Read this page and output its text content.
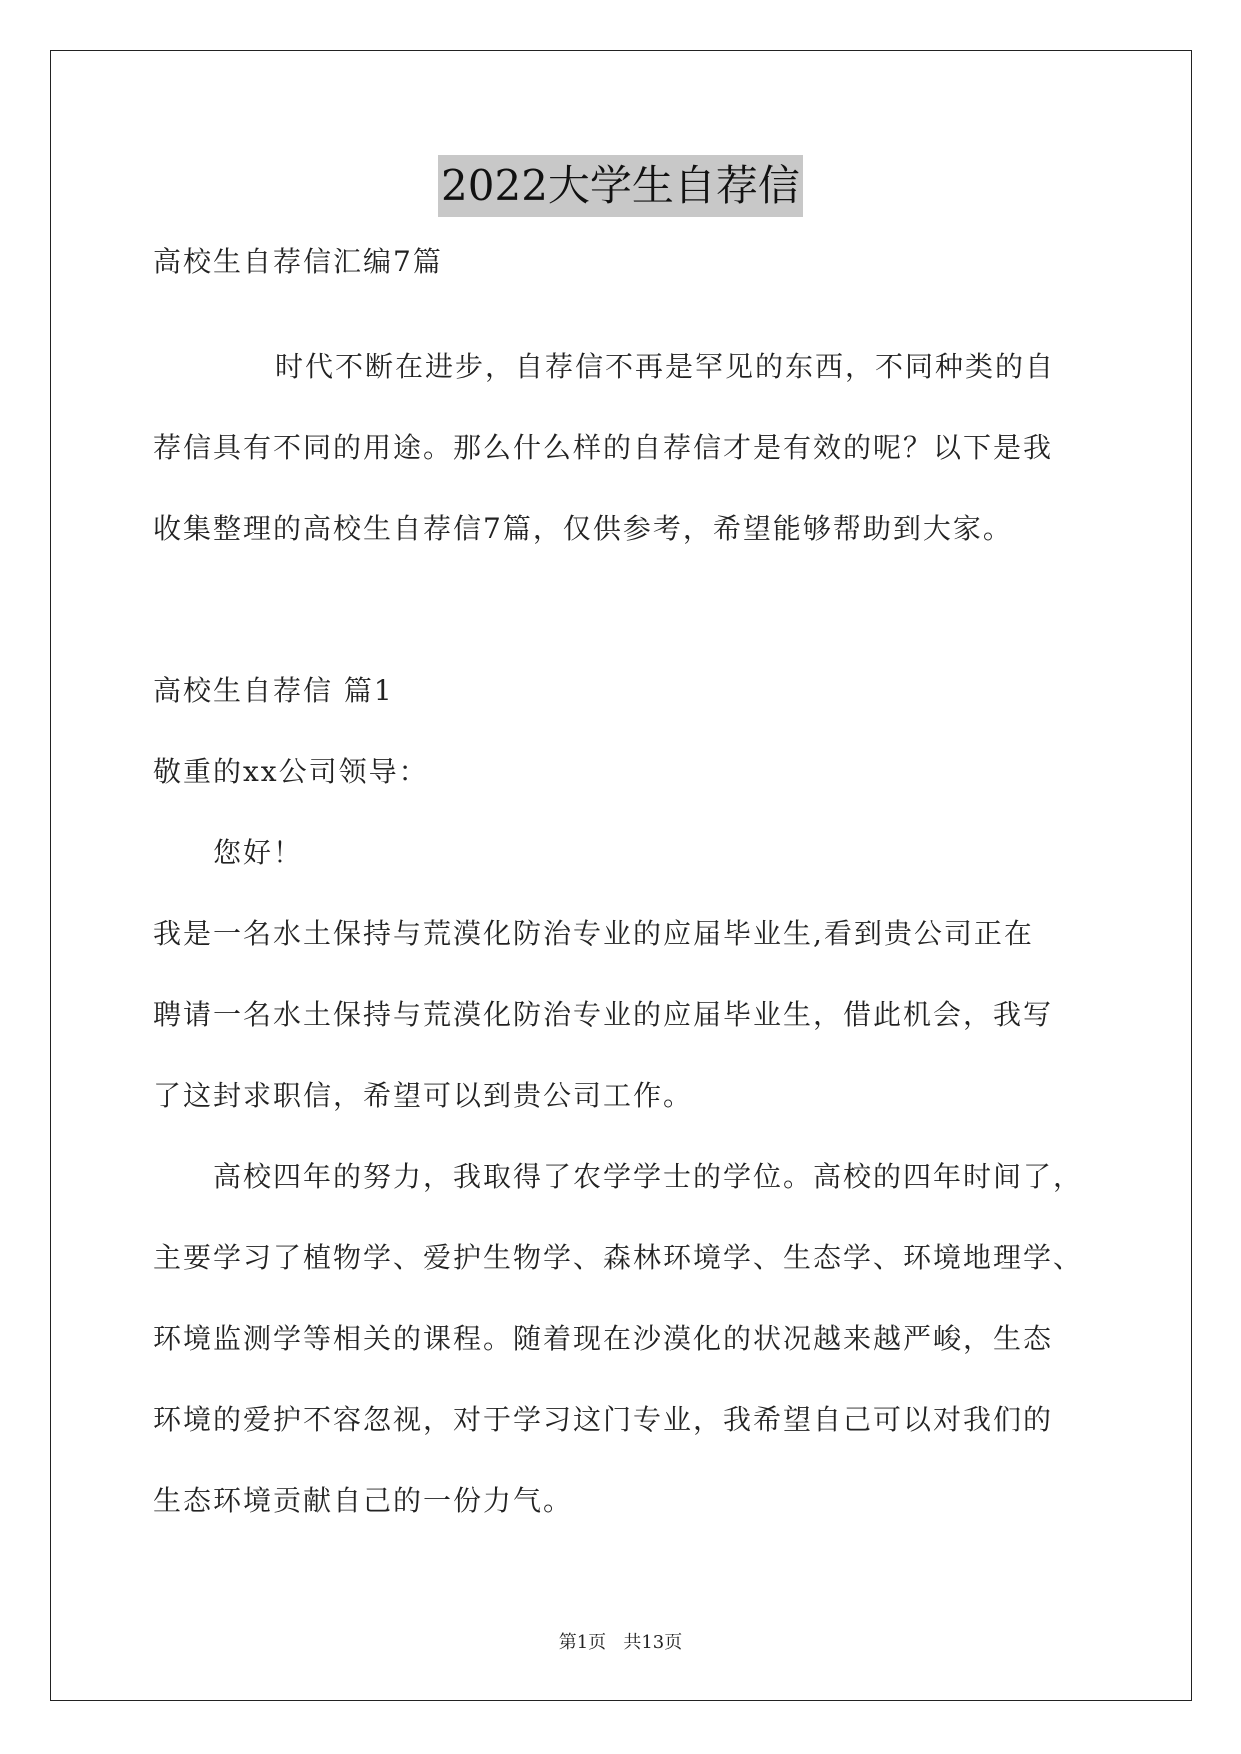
2022大学生自荐信
高校生自荐信汇编7篇
时代不断在进步，自荐信不再是罕见的东西，不同种类的自
荐信具有不同的用途。那么什么样的自荐信才是有效的呢？以下是我
收集整理的高校生自荐信7篇，仅供参考，希望能够帮助到大家。
高校生自荐信 篇1
敬重的xx公司领导：
您好！
我是一名水土保持与荒漠化防治专业的应届毕业生,看到贵公司正在
聘请一名水土保持与荒漠化防治专业的应届毕业生，借此机会，我写
了这封求职信，希望可以到贵公司工作。
高校四年的努力，我取得了农学学士的学位。高校的四年时间了，
主要学习了植物学、爱护生物学、森林环境学、生态学、环境地理学、
环境监测学等相关的课程。随着现在沙漠化的状况越来越严峻，生态
环境的爱护不容忽视，对于学习这门专业，我希望自己可以对我们的
生态环境贡献自己的一份力气。
第1页 共13页
